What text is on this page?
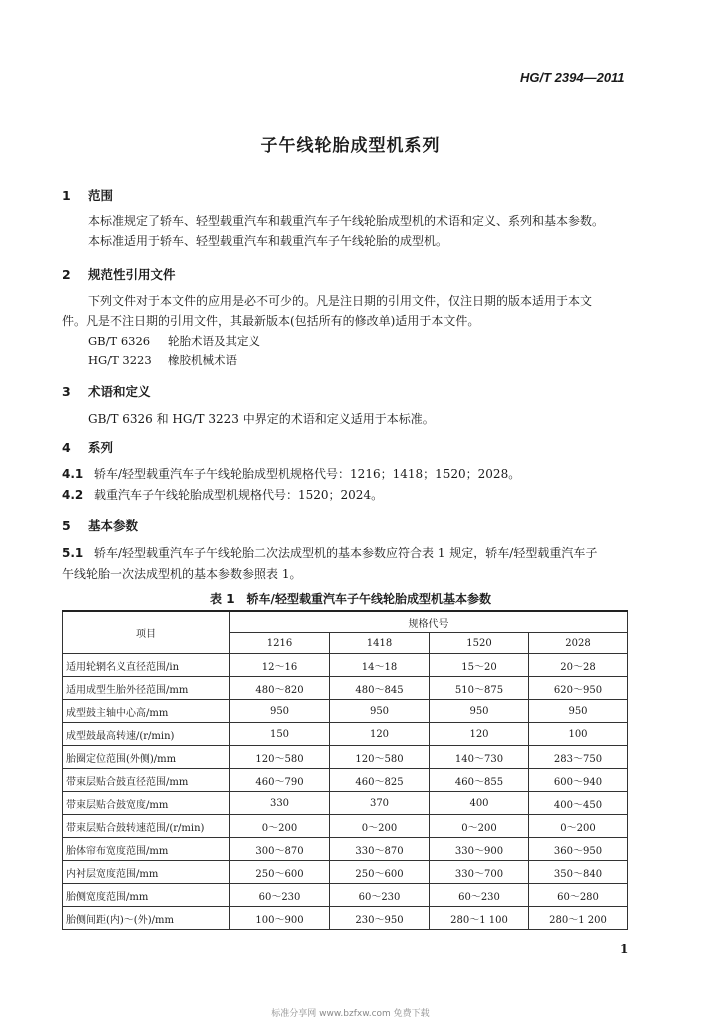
HG/T 2394—2011
子午线轮胎成型机系列
1 范围
本标准规定了轿车、轻型载重汽车和载重汽车子午线轮胎成型机的术语和定义、系列和基本参数。
本标准适用于轿车、轻型载重汽车和载重汽车子午线轮胎的成型机。
2 规范性引用文件
下列文件对于本文件的应用是必不可少的。凡是注日期的引用文件，仅注日期的版本适用于本文
件。凡是不注日期的引用文件，其最新版本(包括所有的修改单)适用于本文件。
GB/T 6326 轮胎术语及其定义
HG/T 3223 橡胶机械术语
3 术语和定义
GB/T 6326 和 HG/T 3223 中界定的术语和定义适用于本标准。
4 系列
4.1 轿车/轻型载重汽车子午线轮胎成型机规格代号：1216；1418；1520；2028。
4.2 载重汽车子午线轮胎成型机规格代号：1520；2024。
5 基本参数
5.1 轿车/轻型载重汽车子午线轮胎二次法成型机的基本参数应符合表 1 规定，轿车/轻型载重汽车子
午线轮胎一次法成型机的基本参数参照表 1。
表 1　轿车/轻型载重汽车子午线轮胎成型机基本参数
项目	规格代号			
	1216	1418	1520	2028
适用轮辋名义直径范围/in	12～16	14～18	15～20	20～28
适用成型生胎外径范围/mm	480～820	480～845	510～875	620～950
成型鼓主轴中心高/mm	950	950	950	950
成型鼓最高转速/(r/min)	150	120	120	100
胎圈定位范围(外侧)/mm	120～580	120～580	140～730	283～750
带束层贴合鼓直径范围/mm	460～790	460～825	460～855	600～940
带束层贴合鼓宽度/mm	330	370	400	400～450
带束层贴合鼓转速范围/(r/min)	0～200	0～200	0～200	0～200
胎体帘布宽度范围/mm	300～870	330～870	330～900	360～950
内衬层宽度范围/mm	250～600	250～600	330～700	350～840
胎侧宽度范围/mm	60～230	60～230	60～230	60～280
胎侧间距(内)～(外)/mm	100～900	230～950	280～1 100	280～1 200
1
标准分享网 www.bzfxw.com 免费下载
